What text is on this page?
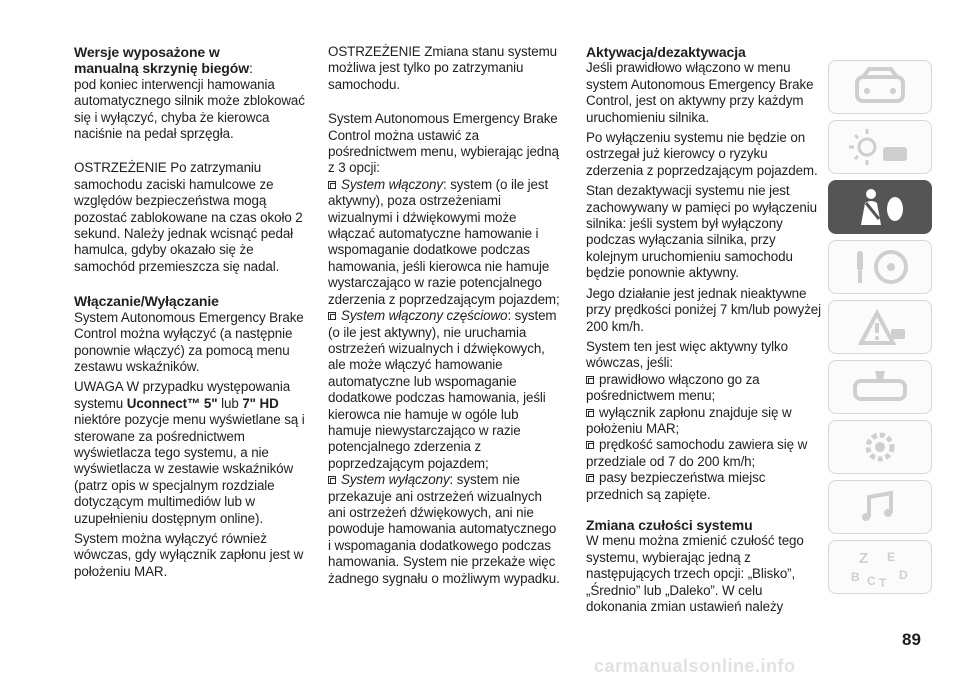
Wersje wyposażone w
manualną skrzynię biegów:

pod koniec interwencji hamowania automatycznego silnik może zblokować się i wyłączyć, chyba że kierowca naciśnie na pedał sprzęgła.

OSTRZEŻENIE Po zatrzymaniu samochodu zaciski hamulcowe ze względów bezpieczeństwa mogą pozostać zablokowane na czas około 2 sekund. Należy jednak wcisnąć pedał hamulca, gdyby okazało się że samochód przemieszcza się nadal.

Włączanie/Wyłączanie

System Autonomous Emergency Brake Control można wyłączyć (a następnie ponownie włączyć) za pomocą menu zestawu wskaźników.

UWAGA W przypadku występowania systemu Uconnect™ 5" lub 7" HD niektóre pozycje menu wyświetlane są i sterowane za pośrednictwem wyświetlacza tego systemu, a nie wyświetlacza w zestawie wskaźników (patrz opis w specjalnym rozdziale dotyczącym multimediów lub w uzupełnieniu dostępnym online).

System można wyłączyć również wówczas, gdy wyłącznik zapłonu jest w położeniu MAR.

OSTRZEŻENIE Zmiana stanu systemu możliwa jest tylko po zatrzymaniu samochodu.

System Autonomous Emergency Brake Control można ustawić za pośrednictwem menu, wybierając jedną z 3 opcji:

System włączony: system (o ile jest aktywny), poza ostrzeżeniami wizualnymi i dźwiękowymi może włączać automatyczne hamowanie i wspomaganie dodatkowe podczas hamowania, jeśli kierowca nie hamuje wystarczająco w razie potencjalnego zderzenia z poprzedzającym pojazdem;

System włączony częściowo: system (o ile jest aktywny), nie uruchamia ostrzeżeń wizualnych i dźwiękowych, ale może włączyć hamowanie automatyczne lub wspomaganie dodatkowe podczas hamowania, jeśli kierowca nie hamuje w ogóle lub hamuje niewystarczająco w razie potencjalnego zderzenia z poprzedzającym pojazdem;

System wyłączony: system nie przekazuje ani ostrzeżeń wizualnych ani ostrzeżeń dźwiękowych, ani nie powoduje hamowania automatycznego i wspomagania dodatkowego podczas hamowania. System nie przekaże więc żadnego sygnału o możliwym wypadku.

Aktywacja/dezaktywacja

Jeśli prawidłowo włączono w menu system Autonomous Emergency Brake Control, jest on aktywny przy każdym uruchomieniu silnika.

Po wyłączeniu systemu nie będzie on ostrzegał już kierowcy o ryzyku zderzenia z poprzedzającym pojazdem.

Stan dezaktywacji systemu nie jest zachowywany w pamięci po wyłączeniu silnika: jeśli system był wyłączony podczas wyłączania silnika, przy kolejnym uruchomieniu samochodu będzie ponownie aktywny.

Jego działanie jest jednak nieaktywne przy prędkości poniżej 7 km/lub powyżej 200 km/h.

System ten jest więc aktywny tylko wówczas, jeśli:

prawidłowo włączono go za pośrednictwem menu;

wyłącznik zapłonu znajduje się w położeniu MAR;

prędkość samochodu zawiera się w przedziale od 7 do 200 km/h;

pasy bezpieczeństwa miejsc przednich są zapięte.

Zmiana czułości systemu

W menu można zmienić czułość tego systemu, wybierając jedną z następujących trzech opcji: „Blisko”, „Średnio” lub „Daleko”. W celu dokonania zmian ustawień należy

Z E
B	D
C T
89
carmanualsonline.info
